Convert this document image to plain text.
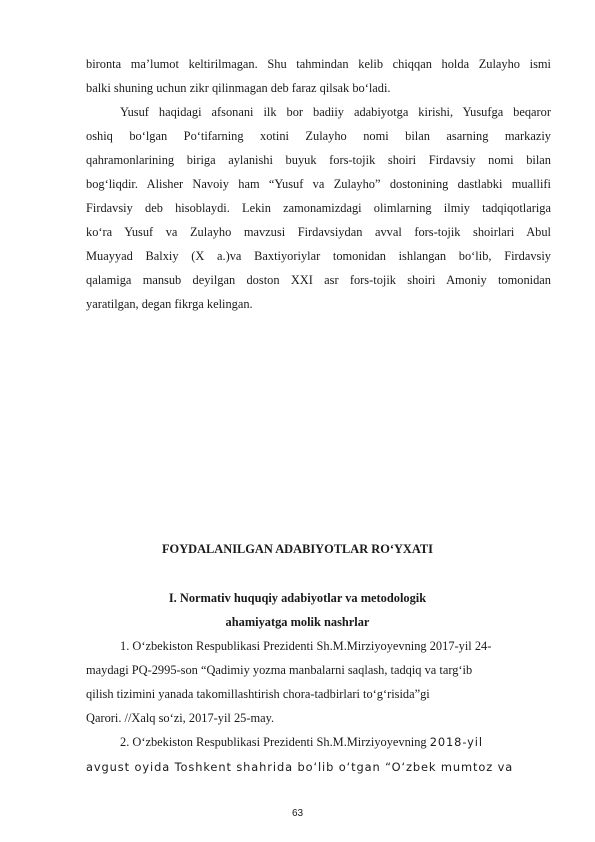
bironta ma’lumot keltirilmagan. Shu tahmindan kelib chiqqan holda Zulayho ismi
balki shuning uchun zikr qilinmagan deb faraz qilsak bo‘ladi.
Yusuf haqidagi afsonani ilk bor badiiy adabiyotga kirishi, Yusufga beqaror
oshiq bo‘lgan Po‘tifarning xotini Zulayho nomi bilan asarning markaziy
qahramonlarining biriga aylanishi buyuk fors-tojik shoiri Firdavsiy nomi bilan
bog‘liqdir. Alisher Navoiy ham “Yusuf va Zulayho” dostonining dastlabki muallifi
Firdavsiy deb hisoblaydi. Lekin zamonamizdagi olimlarning ilmiy tadqiqotlariga
ko‘ra Yusuf va Zulayho mavzusi Firdavsiydan avval fors-tojik shoirlari Abul
Muayyad Balxiy (X a.)va Baxtiyoriylar tomonidan ishlangan bo‘lib, Firdavsiy
qalamiga mansub deyilgan doston XXI asr fors-tojik shoiri Amoniy tomonidan
yaratilgan, degan fikrga kelingan.
FOYDALANILGAN ADABIYOTLAR RO‘YXATI
I. Normativ huquqiy adabiyotlar va metodologik
ahamiyatga molik nashrlar
1. O‘zbekiston Respublikasi Prezidenti Sh.M.Mirziyoyevning 2017-yil 24-
maydagi PQ-2995-son “Qadimiy yozma manbalarni saqlash, tadqiq va targ‘ib
qilish tizimini yanada takomillashtirish chora-tadbirlari to‘g‘risida”gi
Qarori. //Xalq so‘zi, 2017-yil 25-may.
2. O‘zbekiston Respublikasi Prezidenti Sh.M.Mirziyoyevning 2018-yil
avgust oyida Toshkent shahrida bo‘lib o‘tgan “O‘zbek mumtoz va
63
